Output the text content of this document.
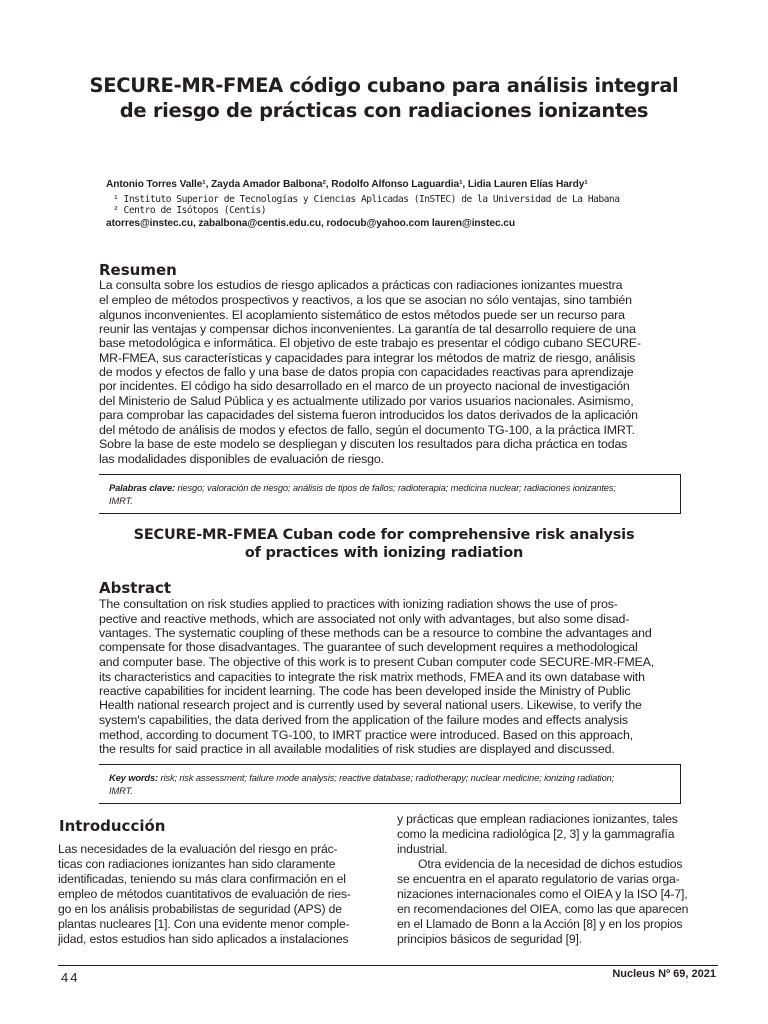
SECURE-MR-FMEA código cubano para análisis integral
de riesgo de prácticas con radiaciones ionizantes
Antonio Torres Valle¹, Zayda Amador Balbona², Rodolfo Alfonso Laguardia¹, Lidia Lauren Elías Hardy¹
¹ Instituto Superior de Tecnologías y Ciencias Aplicadas (InSTEC) de la Universidad de La Habana
² Centro de Isótopos (Centis)
atorres@instec.cu, zabalbona@centis.edu.cu, rodocub@yahoo.com lauren@instec.cu
Resumen
La consulta sobre los estudios de riesgo aplicados a prácticas con radiaciones ionizantes muestra
el empleo de métodos prospectivos y reactivos, a los que se asocian no sólo ventajas, sino también
algunos inconvenientes. El acoplamiento sistemático de estos métodos puede ser un recurso para
reunir las ventajas y compensar dichos inconvenientes. La garantía de tal desarrollo requiere de una
base metodológica e informática. El objetivo de este trabajo es presentar el código cubano SECURE-
MR-FMEA, sus características y capacidades para integrar los métodos de matriz de riesgo, análisis
de modos y efectos de fallo y una base de datos propia con capacidades reactivas para aprendizaje
por incidentes. El código ha sido desarrollado en el marco de un proyecto nacional de investigación
del Ministerio de Salud Pública y es actualmente utilizado por varios usuarios nacionales. Asimismo,
para comprobar las capacidades del sistema fueron introducidos los datos derivados de la aplicación
del método de análisis de modos y efectos de fallo, según el documento TG-100, a la práctica IMRT.
Sobre la base de este modelo se despliegan y discuten los resultados para dicha práctica en todas
las modalidades disponibles de evaluación de riesgo.
Palabras clave: riesgo; valoración de riesgo; análisis de tipos de fallos; radioterapia; medicina nuclear; radiaciones ionizantes;
IMRT.
SECURE-MR-FMEA Cuban code for comprehensive risk analysis
of practices with ionizing radiation
Abstract
The consultation on risk studies applied to practices with ionizing radiation shows the use of pros-
pective and reactive methods, which are associated not only with advantages, but also some disad-
vantages. The systematic coupling of these methods can be a resource to combine the advantages and
compensate for those disadvantages. The guarantee of such development requires a methodological
and computer base. The objective of this work is to present Cuban computer code SECURE-MR-FMEA,
its characteristics and capacities to integrate the risk matrix methods, FMEA and its own database with
reactive capabilities for incident learning. The code has been developed inside the Ministry of Public
Health national research project and is currently used by several national users. Likewise, to verify the
system's capabilities, the data derived from the application of the failure modes and effects analysis
method, according to document TG-100, to IMRT practice were introduced. Based on this approach,
the results for said practice in all available modalities of risk studies are displayed and discussed.
Key words: risk; risk assessment; failure mode analysis; reactive database; radiotherapy; nuclear medicine; ionizing radiation;
IMRT.
Introducción
Las necesidades de la evaluación del riesgo en prác-
ticas con radiaciones ionizantes han sido claramente
identificadas, teniendo su más clara confirmación en el
empleo de métodos cuantitativos de evaluación de ries-
go en los análisis probabilistas de seguridad (APS) de
plantas nucleares [1]. Con una evidente menor comple-
jidad, estos estudios han sido aplicados a instalaciones
y prácticas que emplean radiaciones ionizantes, tales
como la medicina radiológica [2, 3] y la gammagrafía
industrial.
Otra evidencia de la necesidad de dichos estudios
se encuentra en el aparato regulatorio de varias orga-
nizaciones internacionales como el OIEA y la ISO [4-7],
en recomendaciones del OIEA, como las que aparecen
en el Llamado de Bonn a la Acción [8] y en los propios
principios básicos de seguridad [9].
44	Nucleus Nº 69, 2021
